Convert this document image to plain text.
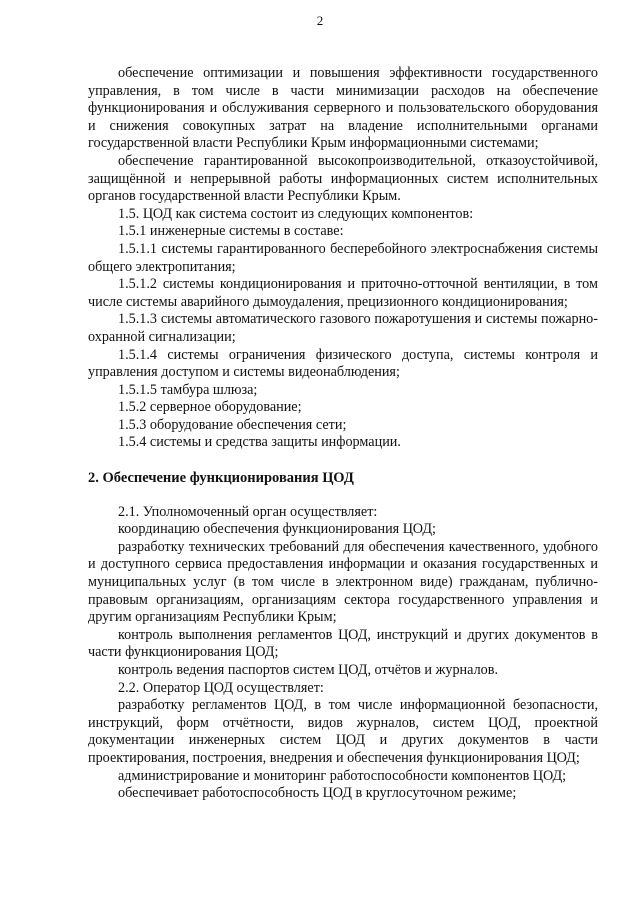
2

обеспечение оптимизации и повышения эффективности государственного управления, в том числе в части минимизации расходов на обеспечение функционирования и обслуживания серверного и пользовательского оборудования и снижения совокупных затрат на владение исполнительными органами государственной власти Республики Крым информационными системами;

обеспечение гарантированной высокопроизводительной, отказоустойчивой, защищённой и непрерывной работы информационных систем исполнительных органов государственной власти Республики Крым.

1.5. ЦОД как система состоит из следующих компонентов:

1.5.1 инженерные системы в составе:

1.5.1.1 системы гарантированного бесперебойного электроснабжения системы общего электропитания;

1.5.1.2 системы кондиционирования и приточно-отточной вентиляции, в том числе системы аварийного дымоудаления, прецизионного кондиционирования;

1.5.1.3 системы автоматического газового пожаротушения и системы пожарно-охранной сигнализации;

1.5.1.4 системы ограничения физического доступа, системы контроля и управления доступом и системы видеонаблюдения;

1.5.1.5 тамбура шлюза;

1.5.2 серверное оборудование;

1.5.3 оборудование обеспечения сети;

1.5.4 системы и средства защиты информации.

2. Обеспечение функционирования ЦОД

2.1. Уполномоченный орган осуществляет:

координацию обеспечения функционирования ЦОД;

разработку технических требований для обеспечения качественного, удобного и доступного сервиса предоставления информации и оказания государственных и муниципальных услуг (в том числе в электронном виде) гражданам, публично-правовым организациям, организациям сектора государственного управления и другим организациям Республики Крым;

контроль выполнения регламентов ЦОД, инструкций и других документов в части функционирования ЦОД;

контроль ведения паспортов систем ЦОД, отчётов и журналов.

2.2. Оператор ЦОД осуществляет:

разработку регламентов ЦОД, в том числе информационной безопасности, инструкций, форм отчётности, видов журналов, систем ЦОД, проектной документации инженерных систем ЦОД и других документов в части проектирования, построения, внедрения и обеспечения функционирования ЦОД;

администрирование и мониторинг работоспособности компонентов ЦОД;

обеспечивает работоспособность ЦОД в круглосуточном режиме;
